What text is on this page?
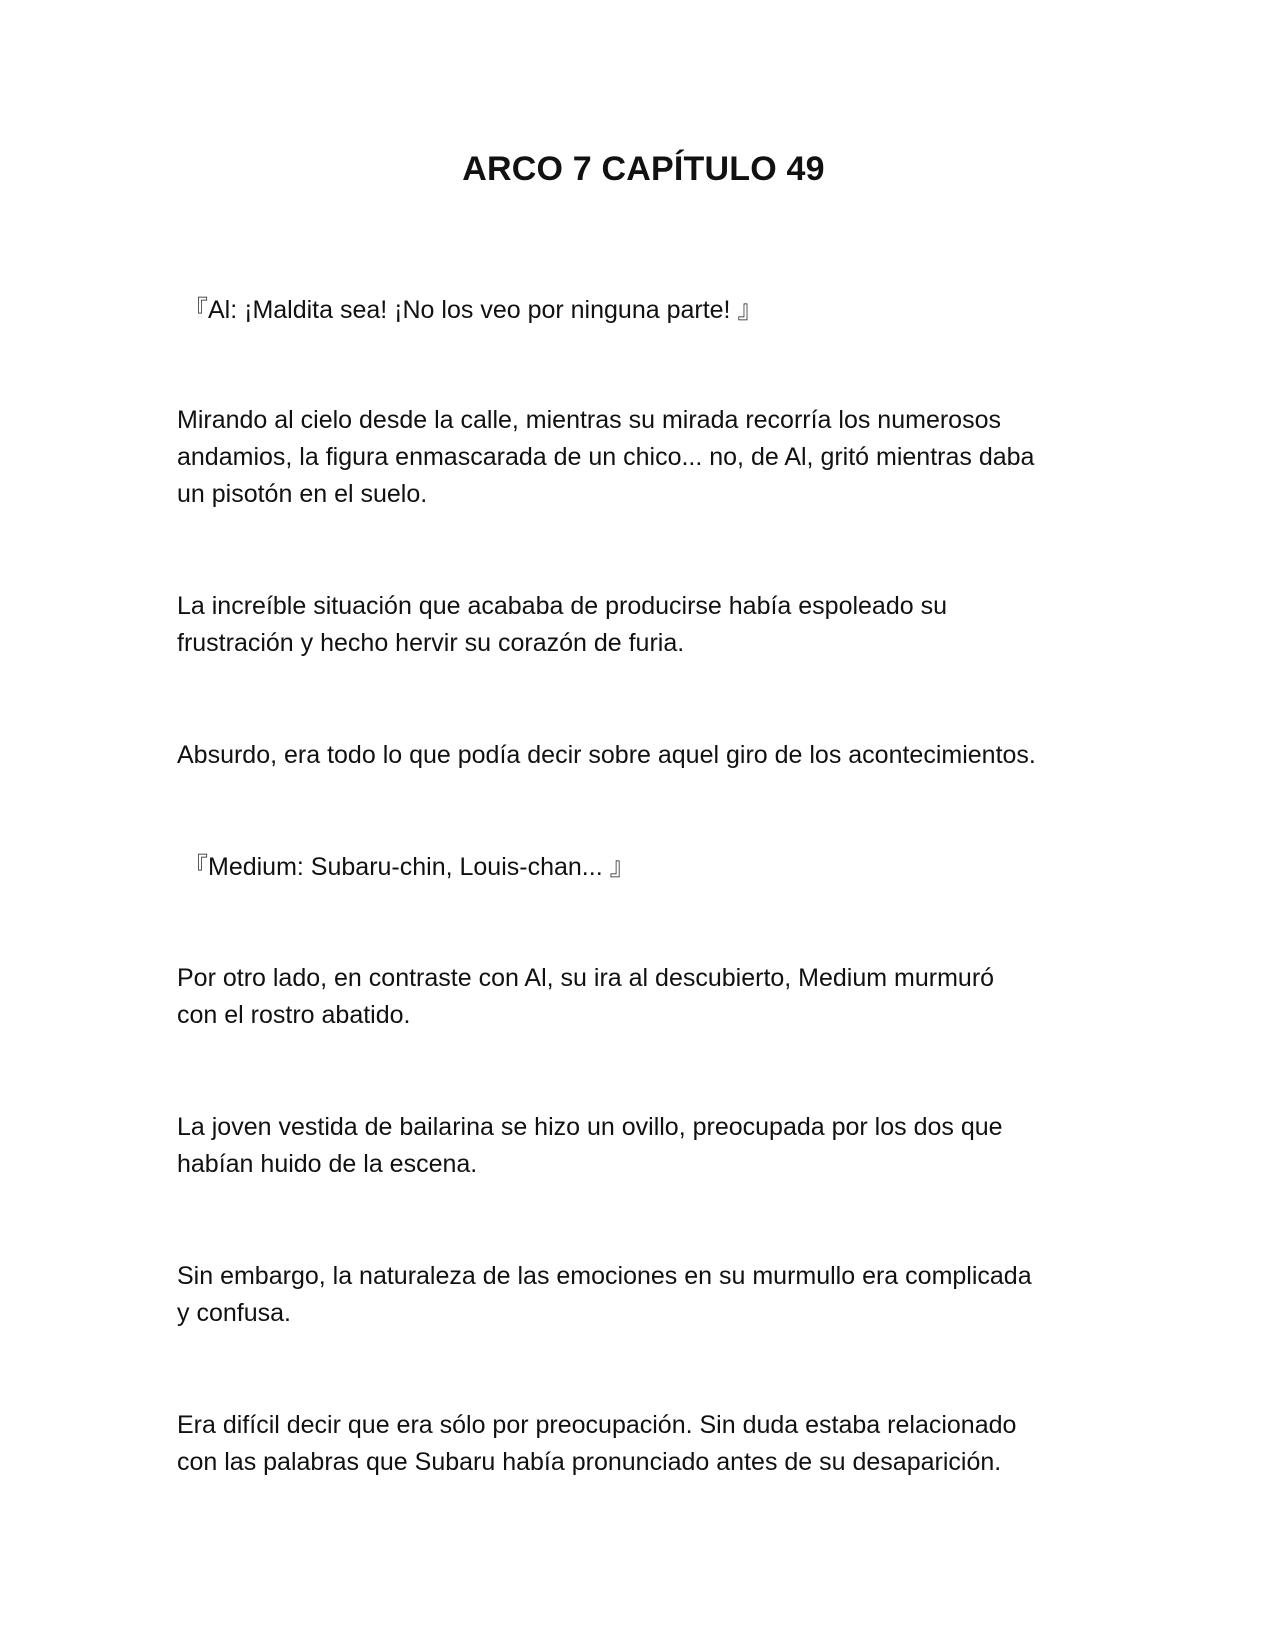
ARCO 7 CAPÍTULO 49

『Al: ¡Maldita sea! ¡No los veo por ninguna parte! 』

Mirando al cielo desde la calle, mientras su mirada recorría los numerosos
andamios, la figura enmascarada de un chico... no, de Al, gritó mientras daba
un pisotón en el suelo.

La increíble situación que acababa de producirse había espoleado su
frustración y hecho hervir su corazón de furia.

Absurdo, era todo lo que podía decir sobre aquel giro de los acontecimientos.

『Medium: Subaru-chin, Louis-chan... 』

Por otro lado, en contraste con Al, su ira al descubierto, Medium murmuró
con el rostro abatido.

La joven vestida de bailarina se hizo un ovillo, preocupada por los dos que
habían huido de la escena.

Sin embargo, la naturaleza de las emociones en su murmullo era complicada
y confusa.

Era difícil decir que era sólo por preocupación. Sin duda estaba relacionado
con las palabras que Subaru había pronunciado antes de su desaparición.
